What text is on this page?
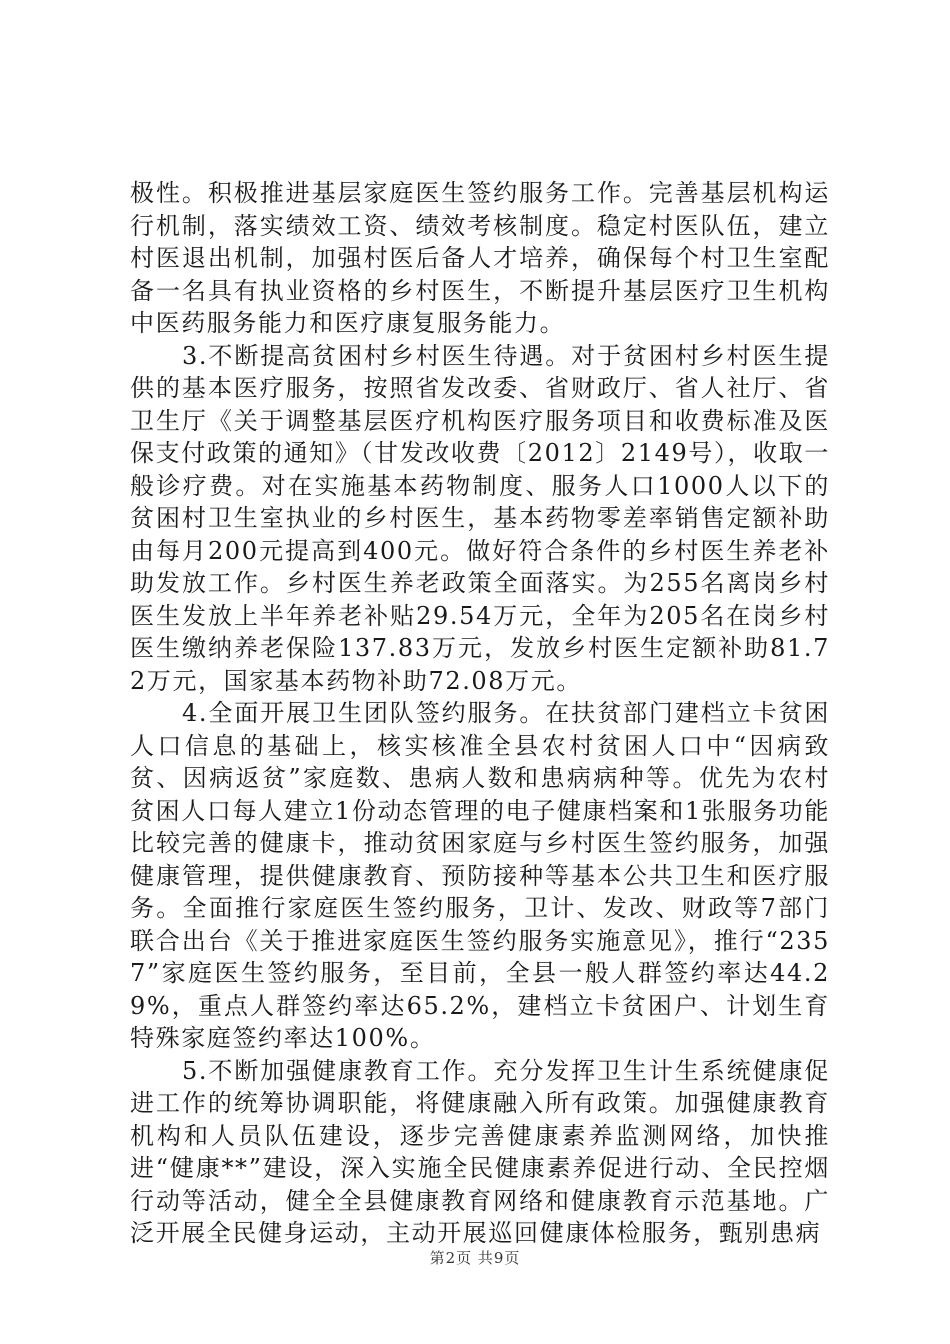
极性。积极推进基层家庭医生签约服务工作。完善基层机构运行机制，落实绩效工资、绩效考核制度。稳定村医队伍，建立村医退出机制，加强村医后备人才培养，确保每个村卫生室配备一名具有执业资格的乡村医生，不断提升基层医疗卫生机构中医药服务能力和医疗康复服务能力。

3.不断提高贫困村乡村医生待遇。对于贫困村乡村医生提供的基本医疗服务，按照省发改委、省财政厅、省人社厅、省卫生厅《关于调整基层医疗机构医疗服务项目和收费标准及医保支付政策的通知》（甘发改收费〔2012〕2149号），收取一般诊疗费。对在实施基本药物制度、服务人口1000人以下的贫困村卫生室执业的乡村医生，基本药物零差率销售定额补助由每月200元提高到400元。做好符合条件的乡村医生养老补助发放工作。乡村医生养老政策全面落实。为255名离岗乡村医生发放上半年养老补贴29.54万元，全年为205名在岗乡村医生缴纳养老保险137.83万元，发放乡村医生定额补助81.72万元，国家基本药物补助72.08万元。

4.全面开展卫生团队签约服务。在扶贫部门建档立卡贫困人口信息的基础上，核实核准全县农村贫困人口中“因病致贫、因病返贫”家庭数、患病人数和患病病种等。优先为农村贫困人口每人建立1份动态管理的电子健康档案和1张服务功能比较完善的健康卡，推动贫困家庭与乡村医生签约服务，加强健康管理，提供健康教育、预防接种等基本公共卫生和医疗服务。全面推行家庭医生签约服务，卫计、发改、财政等7部门联合出台《关于推进家庭医生签约服务实施意见》，推行“2357”家庭医生签约服务，至目前，全县一般人群签约率达44.29%，重点人群签约率达65.2%，建档立卡贫困户、计划生育特殊家庭签约率达100%。

5.不断加强健康教育工作。充分发挥卫生计生系统健康促进工作的统筹协调职能，将健康融入所有政策。加强健康教育机构和人员队伍建设，逐步完善健康素养监测网络，加快推进“健康**”建设，深入实施全民健康素养促进行动、全民控烟行动等活动，健全全县健康教育网络和健康教育示范基地。广泛开展全民健身运动，主动开展巡回健康体检服务，甄别患病

第2页 共9页
